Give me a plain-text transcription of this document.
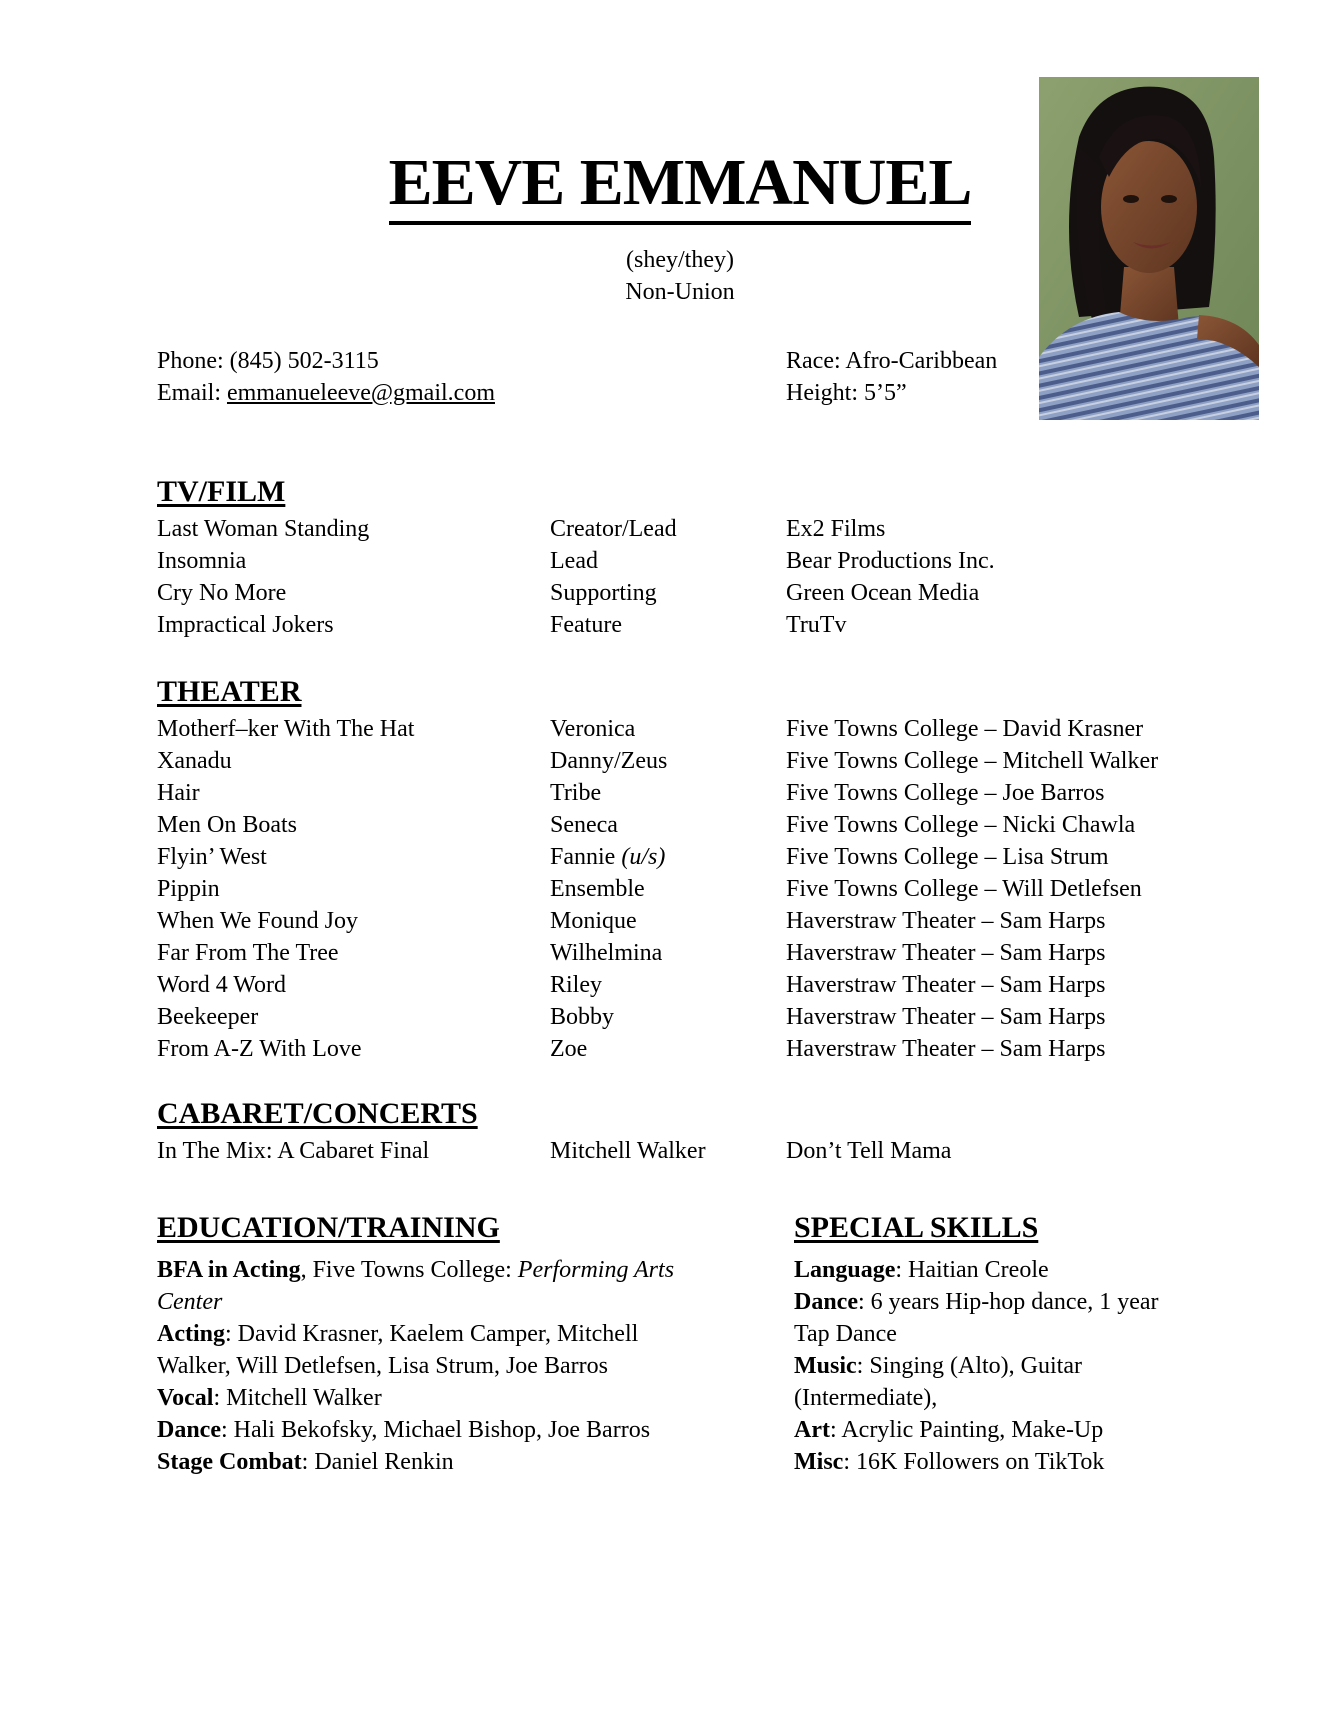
EEVE EMMANUEL
(shey/they)
Non-Union
Phone: (845) 502-3115
Email: emmanueleeve@gmail.com
Race: Afro-Caribbean
Height: 5’5”
TV/FILM
Last Woman Standing	Creator/Lead	Ex2 Films
Insomnia	Lead	Bear Productions Inc.
Cry No More	Supporting	Green Ocean Media
Impractical Jokers	Feature	TruTv
THEATER
Motherf–ker With The Hat	Veronica	Five Towns College – David Krasner
Xanadu	Danny/Zeus	Five Towns College – Mitchell Walker
Hair	Tribe	Five Towns College – Joe Barros
Men On Boats	Seneca	Five Towns College – Nicki Chawla
Flyin’ West	Fannie (u/s)	Five Towns College – Lisa Strum
Pippin	Ensemble	Five Towns College – Will Detlefsen
When We Found Joy	Monique	Haverstraw Theater – Sam Harps
Far From The Tree	Wilhelmina	Haverstraw Theater – Sam Harps
Word 4 Word	Riley	Haverstraw Theater – Sam Harps
Beekeeper	Bobby	Haverstraw Theater – Sam Harps
From A-Z With Love	Zoe	Haverstraw Theater – Sam Harps
CABARET/CONCERTS
In The Mix: A Cabaret Final	Mitchell Walker	Don’t Tell Mama
EDUCATION/TRAINING
BFA in Acting, Five Towns College: Performing Arts Center
Acting: David Krasner, Kaelem Camper, Mitchell Walker, Will Detlefsen, Lisa Strum, Joe Barros
Vocal: Mitchell Walker
Dance: Hali Bekofsky, Michael Bishop, Joe Barros
Stage Combat: Daniel Renkin
SPECIAL SKILLS
Language: Haitian Creole
Dance: 6 years Hip-hop dance, 1 year Tap Dance
Music: Singing (Alto), Guitar (Intermediate),
Art: Acrylic Painting, Make-Up
Misc: 16K Followers on TikTok
